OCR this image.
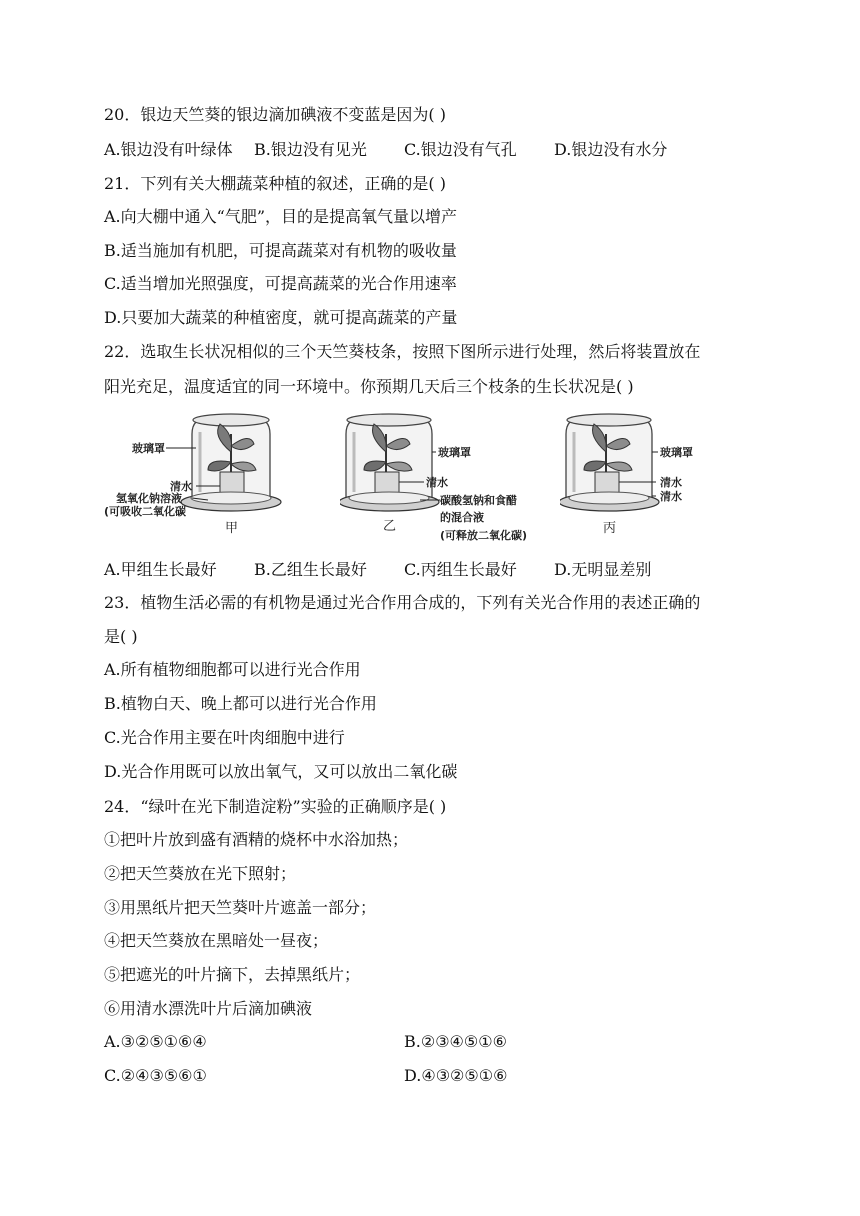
20．银边天竺葵的银边滴加碘液不变蓝是因为( )
A.银边没有叶绿体 B.银边没有见光 C.银边没有气孔 D.银边没有水分
21．下列有关大棚蔬菜种植的叙述，正确的是( )
A.向大棚中通入“气肥”，目的是提高氧气量以增产
B.适当施加有机肥，可提高蔬菜对有机物的吸收量
C.适当增加光照强度，可提高蔬菜的光合作用速率
D.只要加大蔬菜的种植密度，就可提高蔬菜的产量
22．选取生长状况相似的三个天竺葵枝条，按照下图所示进行处理，然后将装置放在
阳光充足，温度适宜的同一环境中。你预期几天后三个枝条的生长状况是( )
玻璃罩
清水
氢氧化钠溶液
(可吸收二氧化碳
甲
玻璃罩
清水
碳酸氢钠和食醋
的混合液
(可释放二氧化碳)
乙
玻璃罩
清水
清水
丙
A.甲组生长最好 B.乙组生长最好 C.丙组生长最好 D.无明显差别
23．植物生活必需的有机物是通过光合作用合成的，下列有关光合作用的表述正确的
是( )
A.所有植物细胞都可以进行光合作用
B.植物白天、晚上都可以进行光合作用
C.光合作用主要在叶肉细胞中进行
D.光合作用既可以放出氧气，又可以放出二氧化碳
24．“绿叶在光下制造淀粉”实验的正确顺序是( )
①把叶片放到盛有酒精的烧杯中水浴加热；
②把天竺葵放在光下照射；
③用黑纸片把天竺葵叶片遮盖一部分；
④把天竺葵放在黑暗处一昼夜；
⑤把遮光的叶片摘下，去掉黑纸片；
⑥用清水漂洗叶片后滴加碘液
A.③②⑤①⑥④	B.②③④⑤①⑥
C.②④③⑤⑥①	D.④③②⑤①⑥
